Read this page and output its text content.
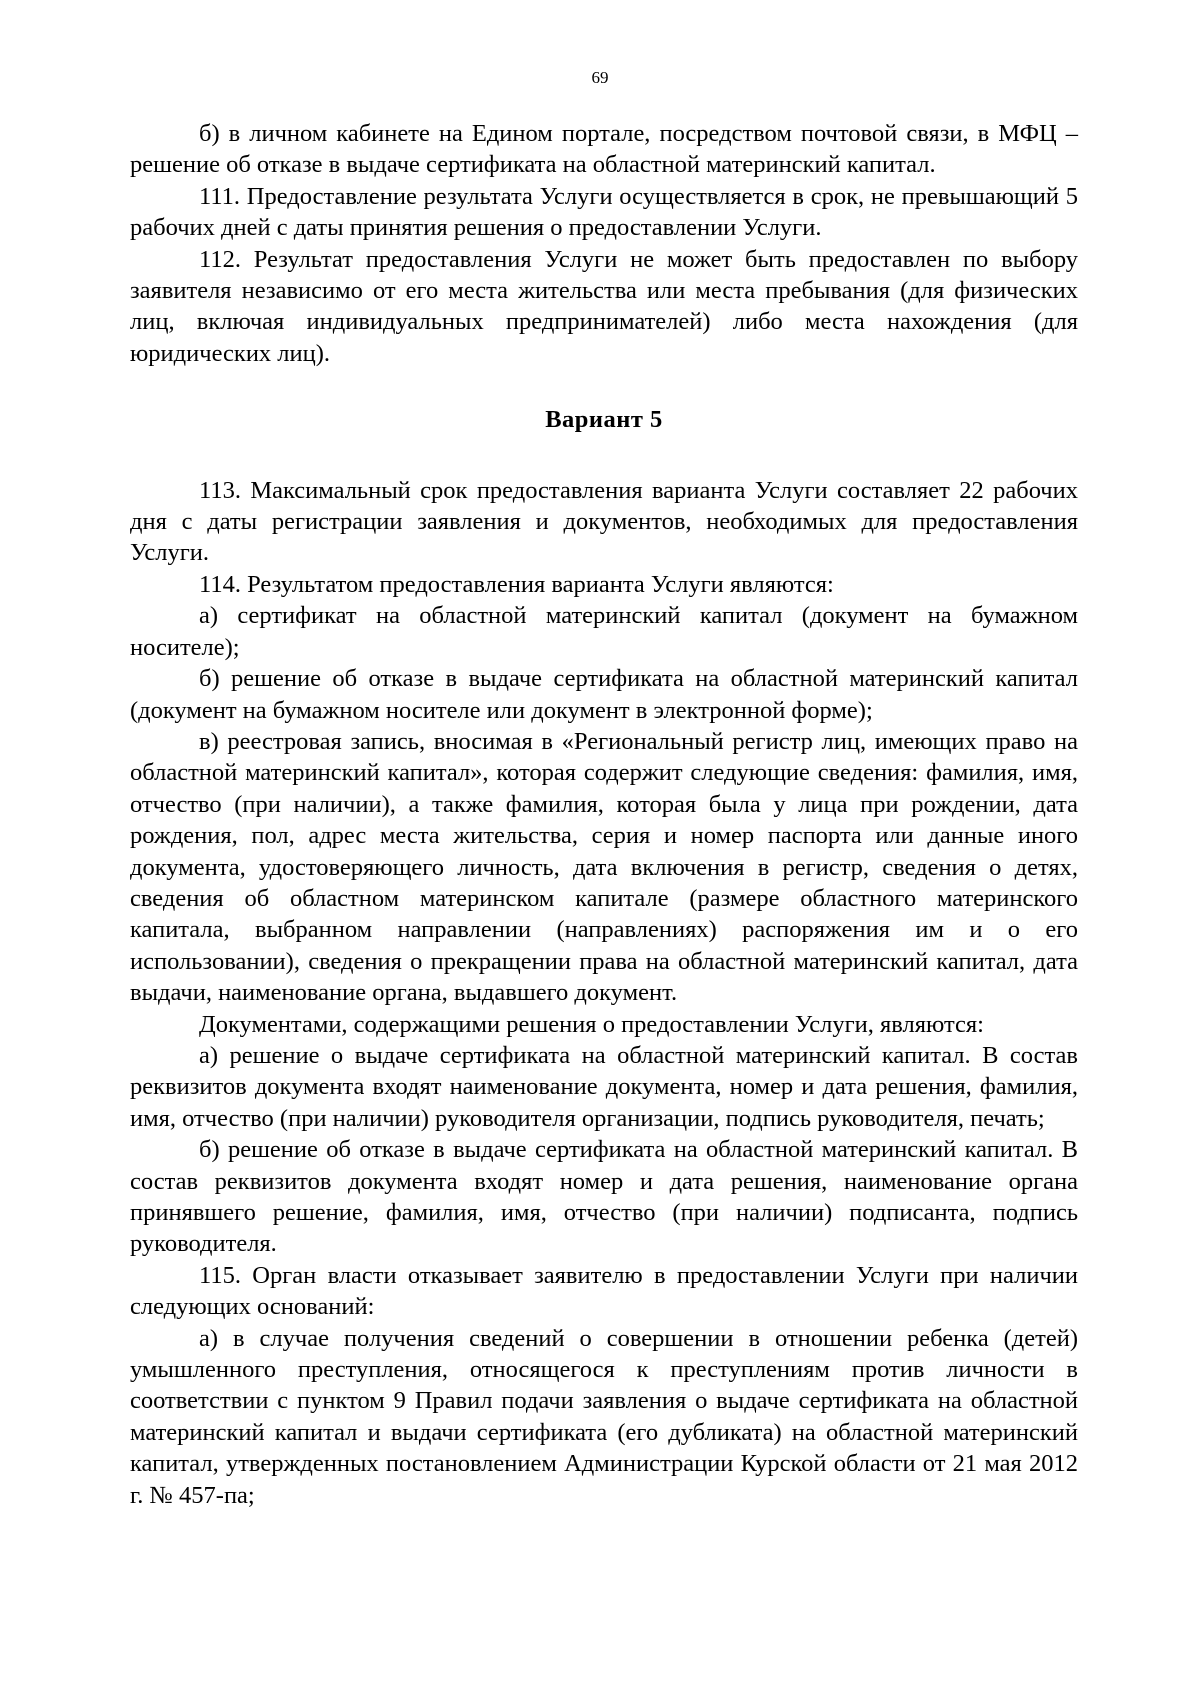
69

б) в личном кабинете на Едином портале, посредством почтовой связи, в МФЦ – решение об отказе в выдаче сертификата на областной материнский капитал.

111. Предоставление результата Услуги осуществляется в срок, не превышающий 5 рабочих дней с даты принятия решения о предоставлении Услуги.

112. Результат предоставления Услуги не может быть предоставлен по выбору заявителя независимо от его места жительства или места пребывания (для физических лиц, включая индивидуальных предпринимателей) либо места нахождения (для юридических лиц).

Вариант 5

113. Максимальный срок предоставления варианта Услуги составляет 22 рабочих дня с даты регистрации заявления и документов, необходимых для предоставления Услуги.

114. Результатом предоставления варианта Услуги являются:

а) сертификат на областной материнский капитал (документ на бумажном носителе);

б) решение об отказе в выдаче сертификата на областной материнский капитал (документ на бумажном носителе или документ в электронной форме);

в) реестровая запись, вносимая в «Региональный регистр лиц, имеющих право на областной материнский капитал», которая содержит следующие сведения: фамилия, имя, отчество (при наличии), а также фамилия, которая была у лица при рождении, дата рождения, пол, адрес места жительства, серия и номер паспорта или данные иного документа, удостоверяющего личность, дата включения в регистр, сведения о детях, сведения об областном материнском капитале (размере областного материнского капитала, выбранном направлении (направлениях) распоряжения им и о его использовании), сведения о прекращении права на областной материнский капитал, дата выдачи, наименование органа, выдавшего документ.

Документами, содержащими решения о предоставлении Услуги, являются:

а) решение о выдаче сертификата на областной материнский капитал. В состав реквизитов документа входят наименование документа, номер и дата решения, фамилия, имя, отчество (при наличии) руководителя организации, подпись руководителя, печать;

б) решение об отказе в выдаче сертификата на областной материнский капитал. В состав реквизитов документа входят номер и дата решения, наименование органа принявшего решение, фамилия, имя, отчество (при наличии) подписанта, подпись руководителя.

115. Орган власти отказывает заявителю в предоставлении Услуги при наличии следующих оснований:

а) в случае получения сведений о совершении в отношении ребенка (детей) умышленного преступления, относящегося к преступлениям против личности в соответствии с пунктом 9 Правил подачи заявления о выдаче сертификата на областной материнский капитал и выдачи сертификата (его дубликата) на областной материнский капитал, утвержденных постановлением Администрации Курской области от 21 мая 2012 г. № 457-па;
